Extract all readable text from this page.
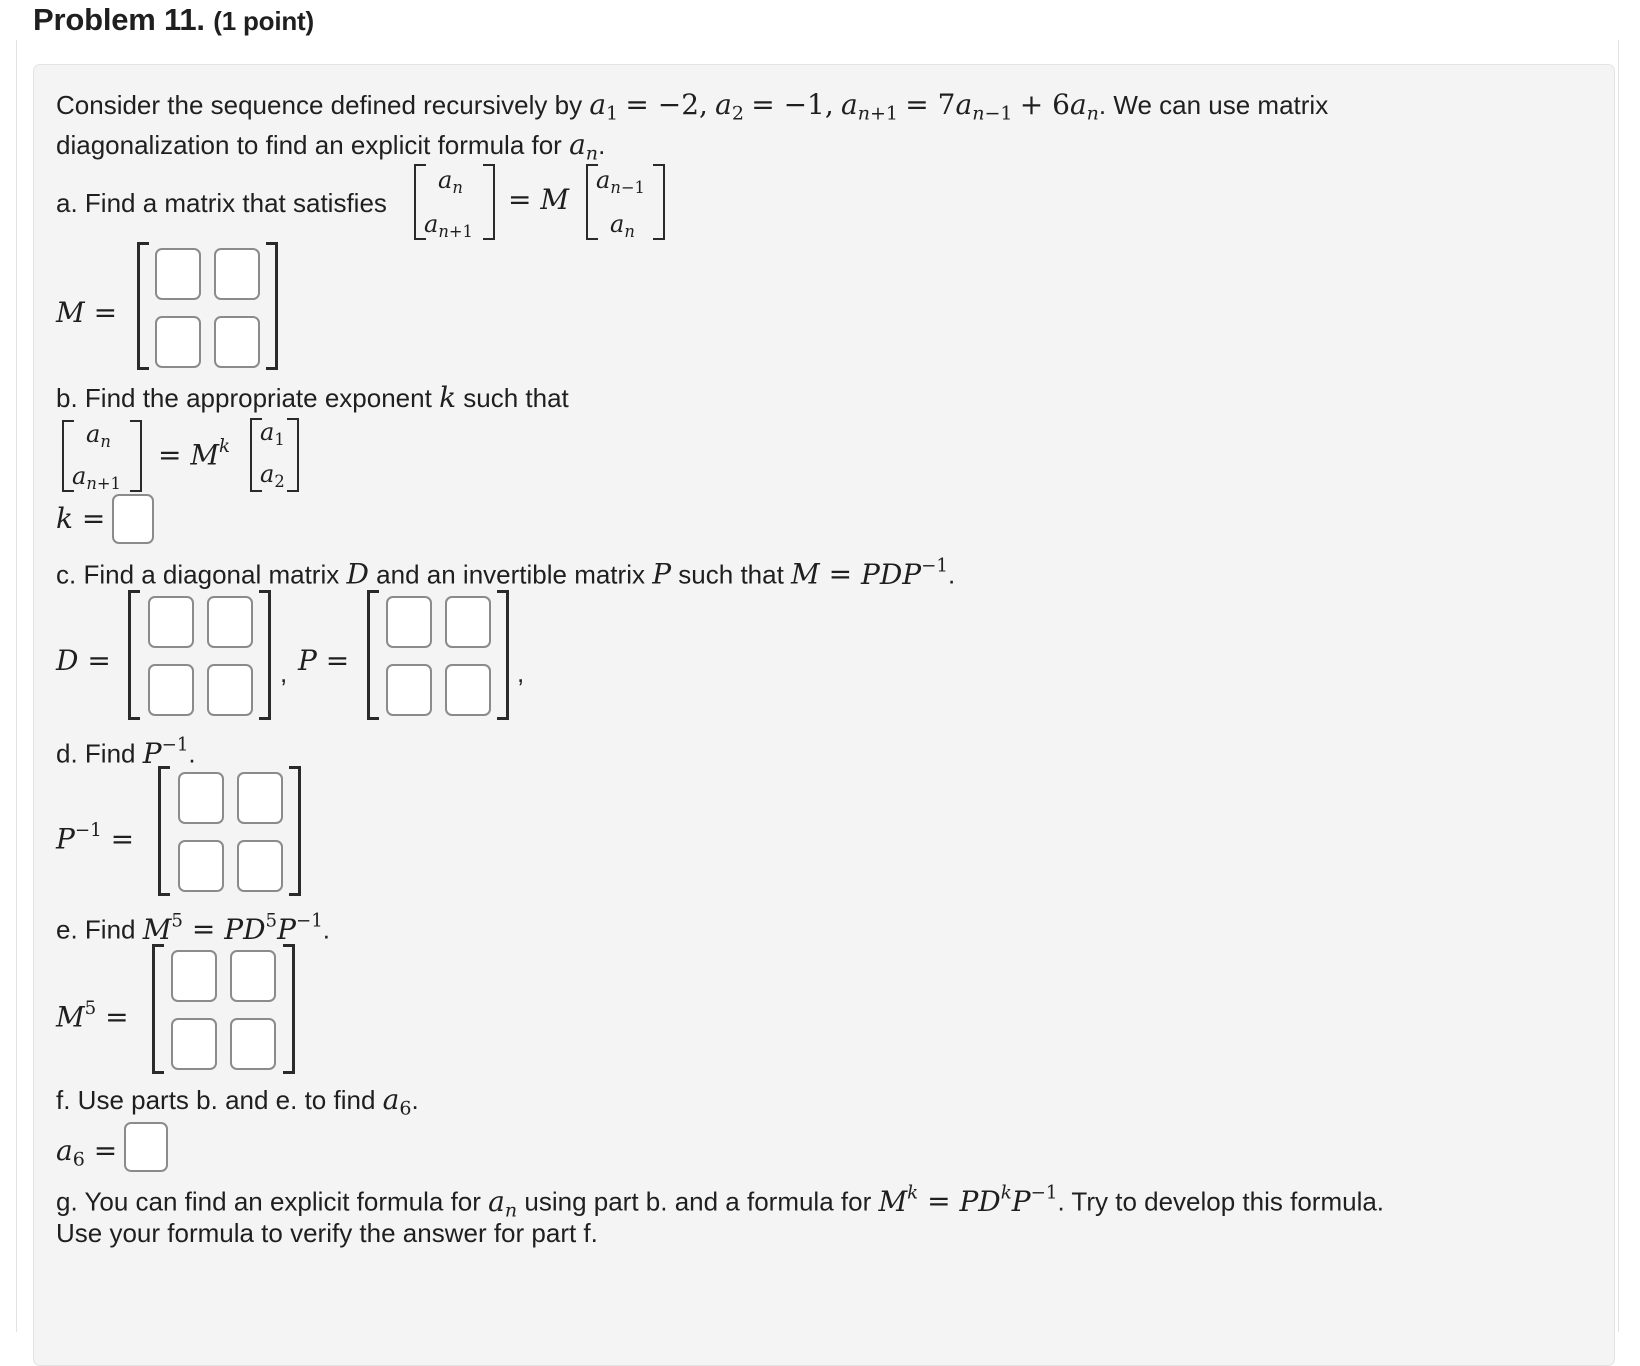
Problem 11. (1 point)
Consider the sequence defined recursively by $a_1 = -2$, $a_2 = -1$, $a_{n+1} = 7a_{n-1} + 6a_n$. We can use matrix
diagonalization to find an explicit formula for $a_n$.
a. Find a matrix that satisfies
$a_n$
$a_{n+1}$
= M
$a_{n-1}$
$a_n$
M =
b. Find the appropriate exponent k such that
$a_n$
$a_{n+1}$
= $M^k$
$a_1$
$a_2$
k =
c. Find a diagonal matrix D and an invertible matrix P such that $M = PDP^{-1}$.
D =	, P =	,
d. Find $P^{-1}$.
$P^{-1}$ =
e. Find $M^5 = PD^5P^{-1}$.
$M^5$ =
f. Use parts b. and e. to find $a_6$.
$a_6$ =
g. You can find an explicit formula for $a_n$ using part b. and a formula for $M^k = PD^kP^{-1}$. Try to develop this formula.
Use your formula to verify the answer for part f.
